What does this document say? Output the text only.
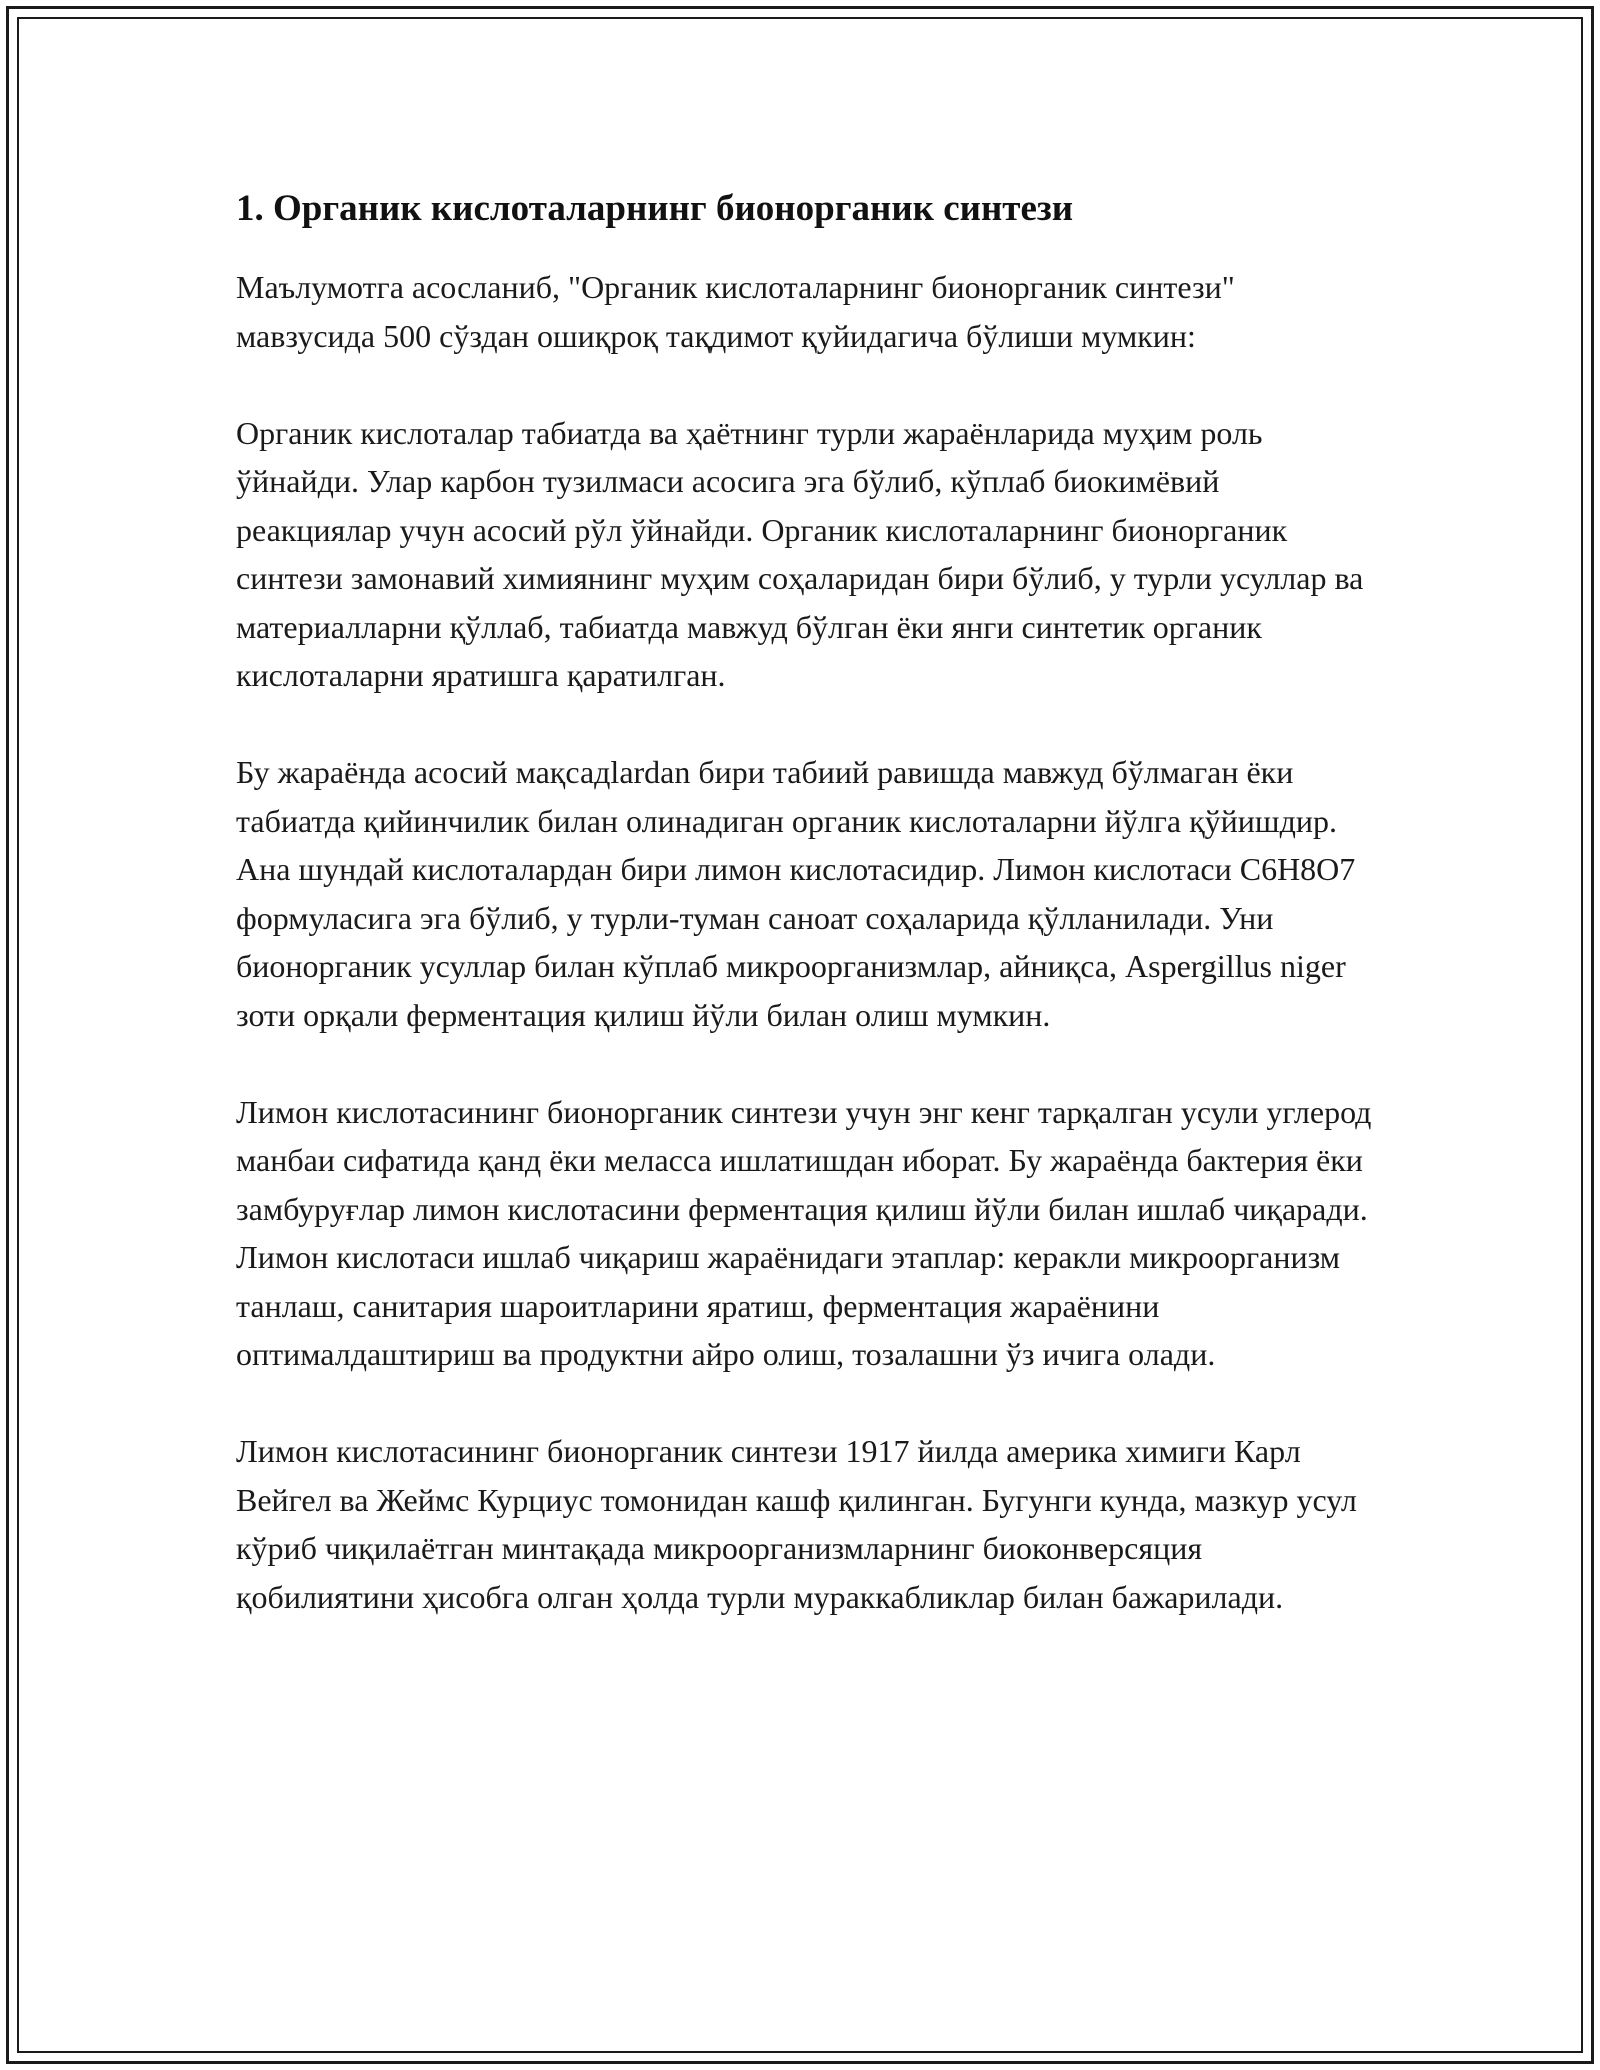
1. Органик кислоталарнинг бионорганик синтези

Маълумотга асосланиб, "Органик кислоталарнинг бионорганик синтези" мавзусида 500 сўздан ошиқроқ тақдимот қуйидагича бўлиши мумкин:

Органик кислоталар табиатда ва ҳаётнинг турли жараёнларида муҳим роль ўйнайди. Улар карбон тузилмаси асосига эга бўлиб, кўплаб биокимёвий реакциялар учун асосий рўл ўйнайди. Органик кислоталарнинг бионорганик синтези замонавий химиянинг муҳим соҳаларидан бири бўлиб, у турли усуллар ва материалларни қўллаб, табиатда мавжуд бўлган ёки янги синтетик органик кислоталарни яратишга қаратилган.

Бу жараёнда асосий мақсадlardan бири табиий равишда мавжуд бўлмаган ёки табиатда қийинчилик билан олинадиган органик кислоталарни йўлга қўйишдир. Ана шундай кислоталардан бири лимон кислотасидир. Лимон кислотаси C6H8O7 формуласига эга бўлиб, у турли-туман саноат соҳаларида қўлланилади. Уни бионорганик усуллар билан кўплаб микроорганизмлар, айниқса, Aspergillus niger зоти орқали ферментация қилиш йўли билан олиш мумкин.

Лимон кислотасининг бионорганик синтези учун энг кенг тарқалган усули углерод манбаи сифатида қанд ёки меласса ишлатишдан иборат. Бу жараёнда бактерия ёки замбуруғлар лимон кислотасини ферментация қилиш йўли билан ишлаб чиқаради. Лимон кислотаси ишлаб чиқариш жараёнидаги этаплар: керакли микроорганизм танлаш, санитария шароитларини яратиш, ферментация жараёнини оптималдаштириш ва продуктни айро олиш, тозалашни ўз ичига олади.

Лимон кислотасининг бионорганик синтези 1917 йилда америка химиги Карл Вейгел ва Жеймс Курциус томонидан кашф қилинган. Бугунги кунда, мазкур усул кўриб чиқилаётган минтақада микроорганизмларнинг биоконверсяция қобилиятини ҳисобга олган ҳолда турли мураккабликлар билан бажарилади.
